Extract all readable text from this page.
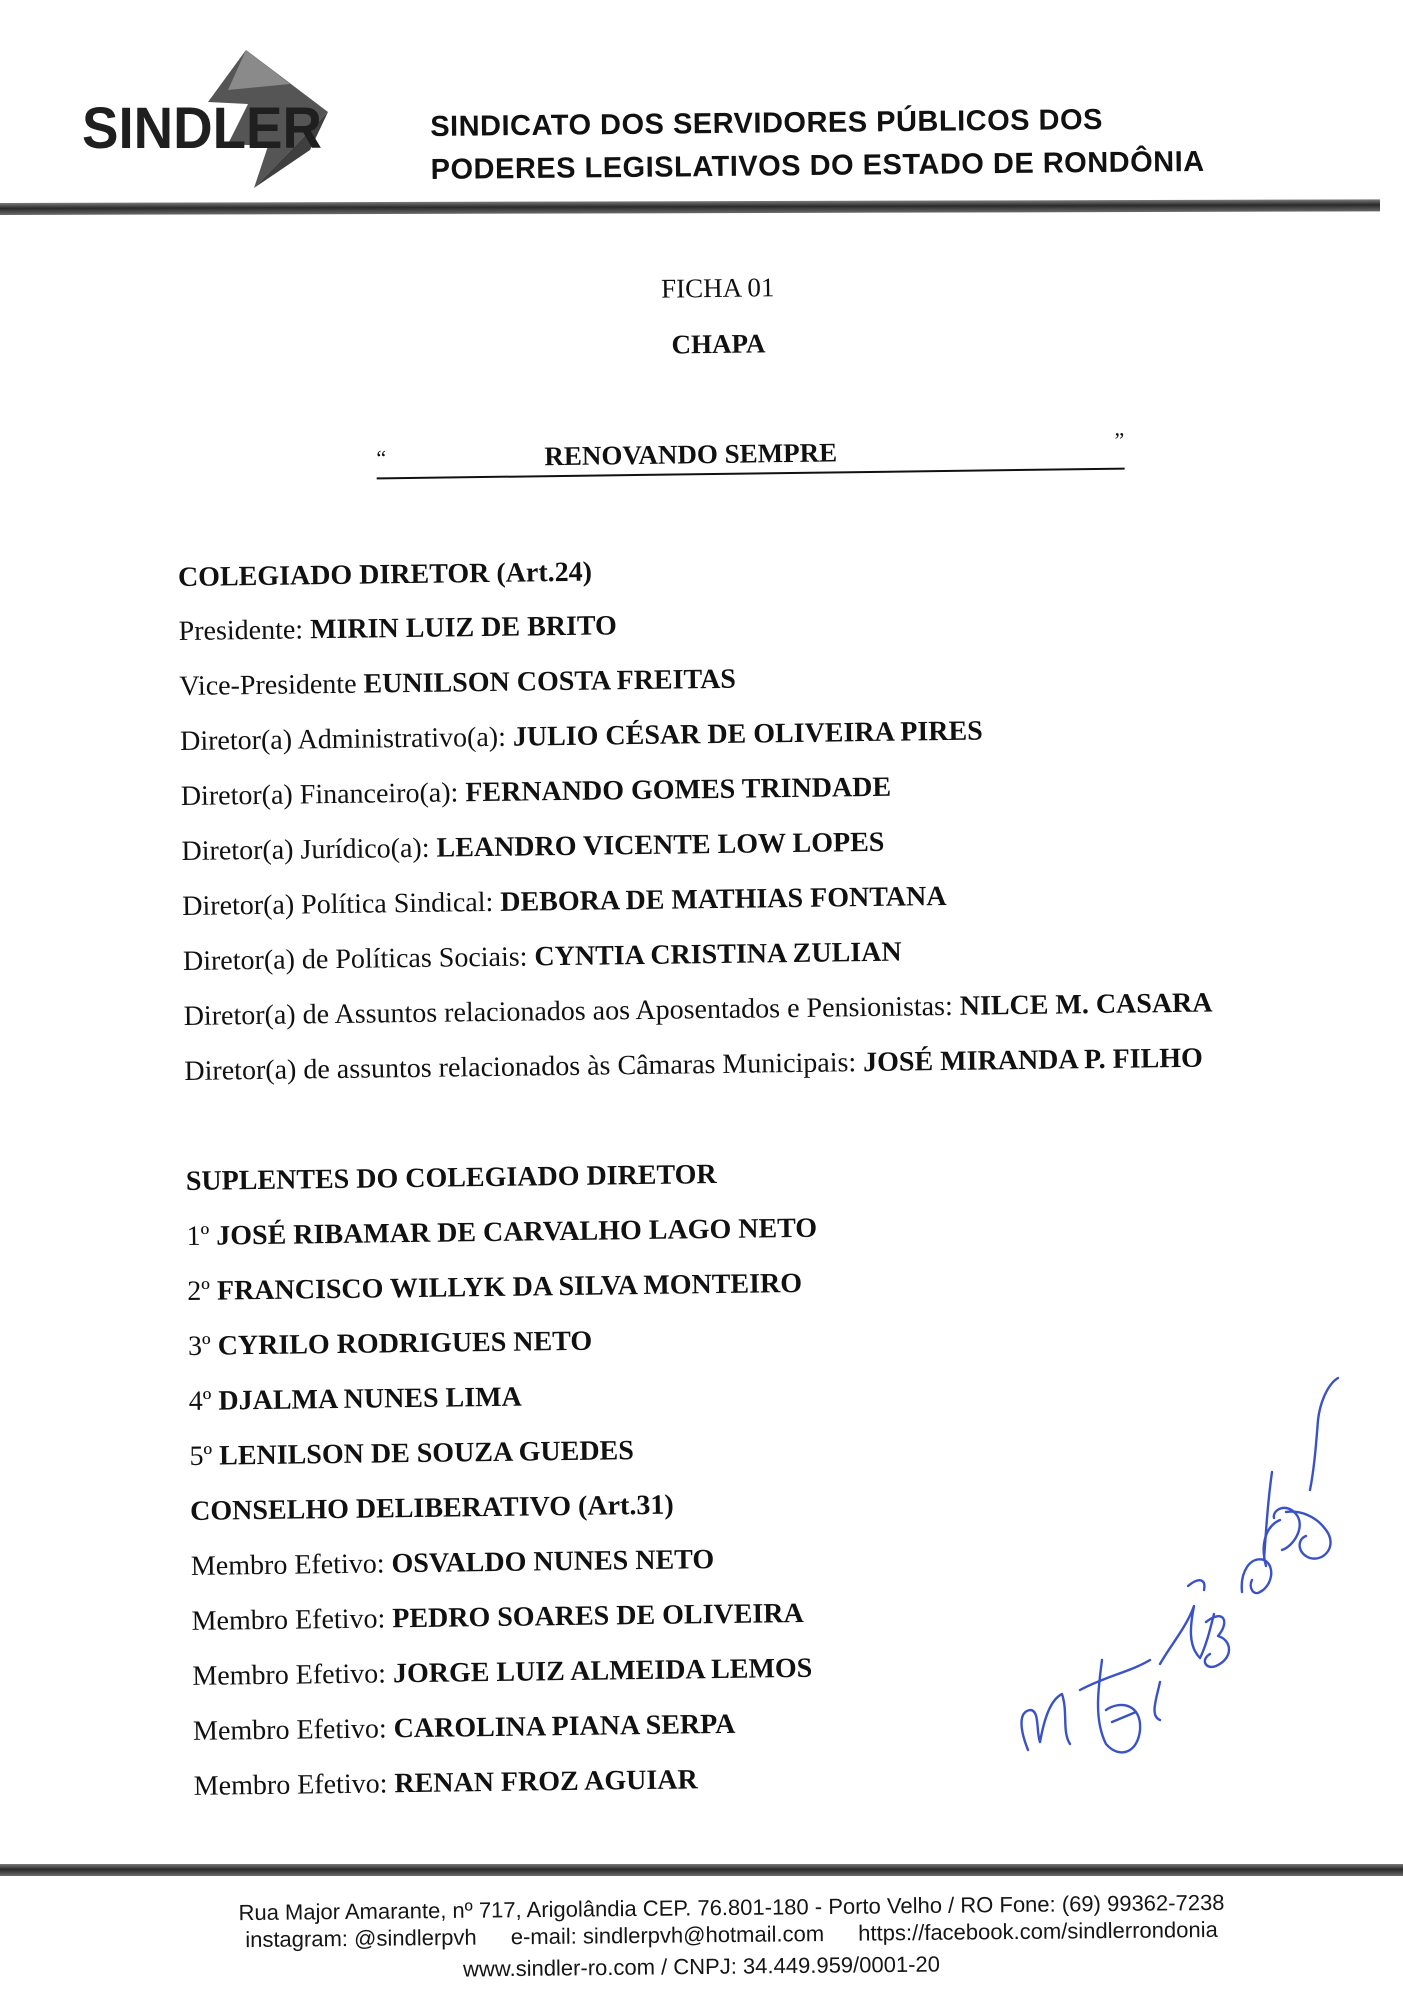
SINDLER	SINDICATO DOS SERVIDORES PÚBLICOS DOS
PODERES LEGISLATIVOS DO ESTADO DE RONDÔNIA
FICHA 01
CHAPA
“	RENOVANDO SEMPRE	”
COLEGIADO DIRETOR (Art.24)
Presidente: MIRIN LUIZ DE BRITO
Vice-Presidente EUNILSON COSTA FREITAS
Diretor(a) Administrativo(a): JULIO CÉSAR DE OLIVEIRA PIRES
Diretor(a) Financeiro(a): FERNANDO GOMES TRINDADE
Diretor(a) Jurídico(a): LEANDRO VICENTE LOW LOPES
Diretor(a) Política Sindical: DEBORA DE MATHIAS FONTANA
Diretor(a) de Políticas Sociais: CYNTIA CRISTINA ZULIAN
Diretor(a) de Assuntos relacionados aos Aposentados e Pensionistas: NILCE M. CASARA
Diretor(a) de assuntos relacionados às Câmaras Municipais: JOSÉ MIRANDA P. FILHO
SUPLENTES DO COLEGIADO DIRETOR
1º JOSÉ RIBAMAR DE CARVALHO LAGO NETO
2º FRANCISCO WILLYK DA SILVA MONTEIRO
3º CYRILO RODRIGUES NETO
4º DJALMA NUNES LIMA
5º LENILSON DE SOUZA GUEDES
CONSELHO DELIBERATIVO (Art.31)
Membro Efetivo: OSVALDO NUNES NETO
Membro Efetivo: PEDRO SOARES DE OLIVEIRA
Membro Efetivo: JORGE LUIZ ALMEIDA LEMOS
Membro Efetivo: CAROLINA PIANA SERPA
Membro Efetivo: RENAN FROZ AGUIAR
Rua Major Amarante, nº 717, Arigolândia CEP. 76.801-180 - Porto Velho / RO Fone: (69) 99362-7238
instagram: @sindlerpvh e-mail: sindlerpvh@hotmail.com https://facebook.com/sindlerrondonia
www.sindler-ro.com / CNPJ: 34.449.959/0001-20
